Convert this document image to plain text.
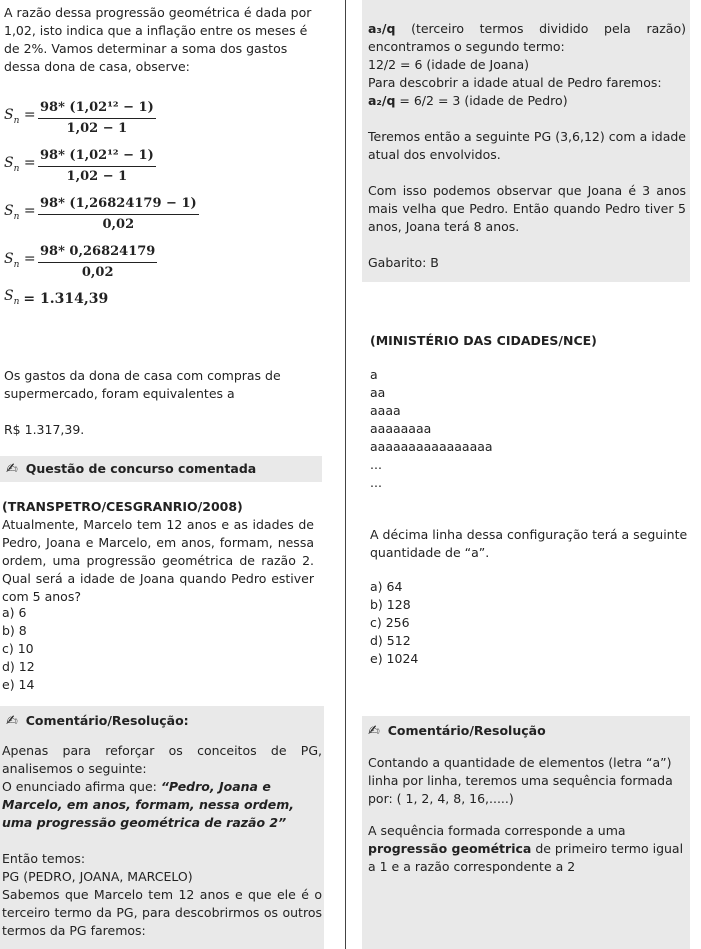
A razão dessa progressão geométrica é dada por 1,02, isto indica que a inflação entre os meses é de 2%. Vamos determinar a soma dos gastos dessa dona de casa, observe:

$S_n = \frac{\text{98* (1,02¹² − 1)}}{1,02 - 1}$
$S_n = \frac{\text{98* (1,02¹² − 1)}}{1,02 - 1}$
$S_n = \frac{98* (1,26824179 - 1)}{0,02}$
$S_n = \frac{98* 0,26824179}{0,02}$
$S_n = 1.314,39$

Os gastos da dona de casa com compras de supermercado, foram equivalentes a

R$ 1.317,39.

✍ Questão de concurso comentada

(TRANSPETRO/CESGRANRIO/2008) Atualmente, Marcelo tem 12 anos e as idades de Pedro, Joana e Marcelo, em anos, formam, nessa ordem, uma progressão geométrica de razão 2. Qual será a idade de Joana quando Pedro estiver com 5 anos?

a) 6
b) 8
c) 10
d) 12
e) 14
✍ Comentário/Resolução:

Apenas para reforçar os conceitos de PG, analisemos o seguinte:

O enunciado afirma que: “Pedro, Joana e Marcelo, em anos, formam, nessa ordem, uma progressão geométrica de razão 2”

Então temos:

PG (PEDRO, JOANA, MARCELO)

Sabemos que Marcelo tem 12 anos e que ele é o terceiro termo da PG, para descobrirmos os outros termos da PG faremos:

a₃/q (terceiro termos dividido pela razão) encontramos o segundo termo:

12/2 = 6 (idade de Joana)

Para descobrir a idade atual de Pedro faremos:

a₂/q = 6/2 = 3 (idade de Pedro)

Teremos então a seguinte PG (3,6,12) com a idade atual dos envolvidos.

Com isso podemos observar que Joana é 3 anos mais velha que Pedro. Então quando Pedro tiver 5 anos, Joana terá 8 anos.

Gabarito: B

(MINISTÉRIO DAS CIDADES/NCE)

a
aa
aaaa
aaaaaaaa
aaaaaaaaaaaaaaaa
...
...

A décima linha dessa configuração terá a seguinte quantidade de “a”.

a) 64
b) 128
c) 256
d) 512
e) 1024
✍ Comentário/Resolução

Contando a quantidade de elementos (letra “a”) linha por linha, teremos uma sequência formada por: ( 1, 2, 4, 8, 16,.....)

A sequência formada corresponde a uma progressão geométrica de primeiro termo igual a 1 e a razão correspondente a 2
